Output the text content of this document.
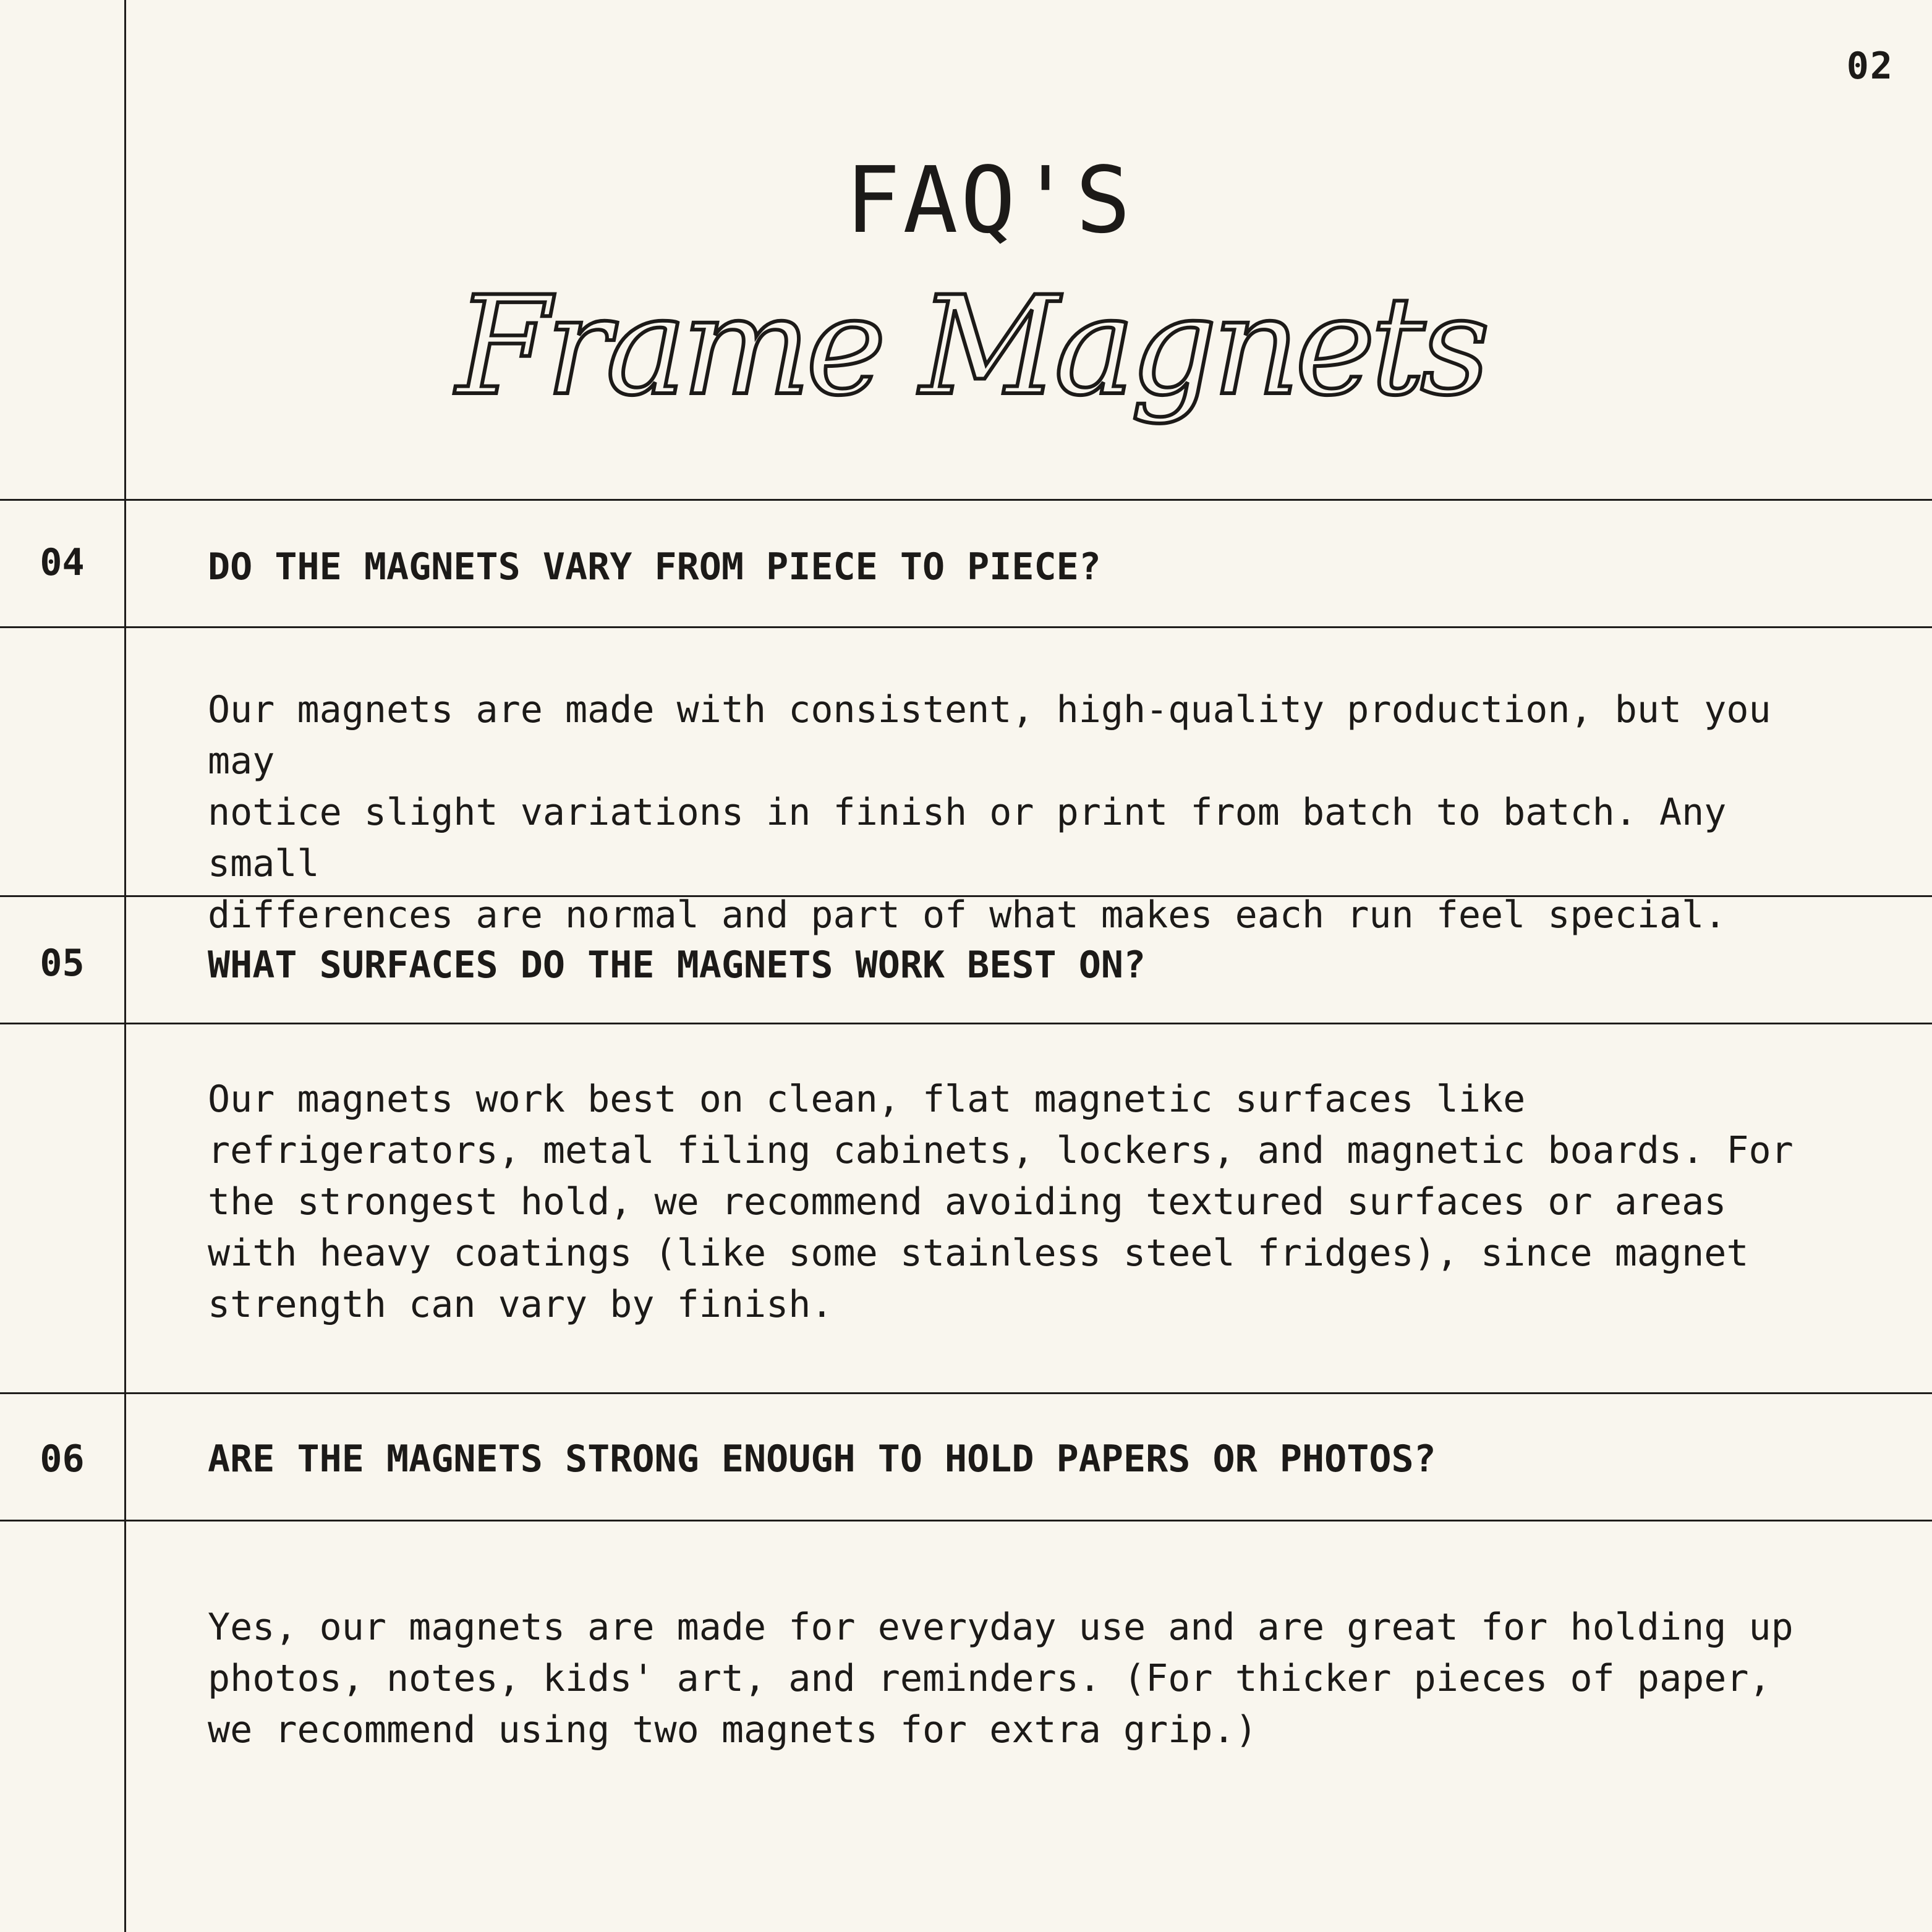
02
FAQ'S
Frame Magnets
04	DO THE MAGNETS VARY FROM PIECE TO PIECE?
Our magnets are made with consistent, high-quality production, but you may
notice slight variations in finish or print from batch to batch. Any small
differences are normal and part of what makes each run feel special.
05	WHAT SURFACES DO THE MAGNETS WORK BEST ON?
Our magnets work best on clean, flat magnetic surfaces like
refrigerators, metal filing cabinets, lockers, and magnetic boards. For
the strongest hold, we recommend avoiding textured surfaces or areas
with heavy coatings (like some stainless steel fridges), since magnet
strength can vary by finish.
06	ARE THE MAGNETS STRONG ENOUGH TO HOLD PAPERS OR PHOTOS?
Yes, our magnets are made for everyday use and are great for holding up
photos, notes, kids' art, and reminders. (For thicker pieces of paper,
we recommend using two magnets for extra grip.)
